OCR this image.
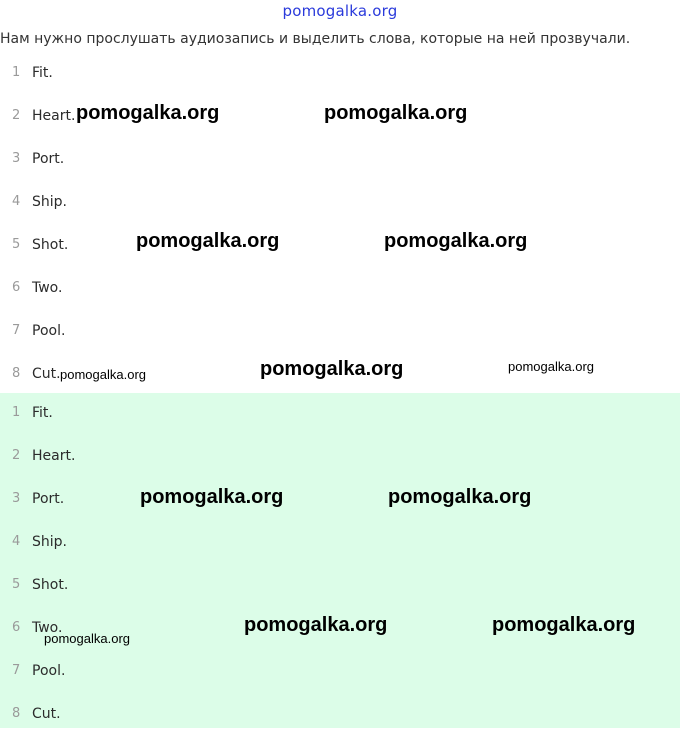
pomogalka.org
Нам нужно прослушать аудиозапись и выделить слова, которые на ней прозвучали.
1 Fit.
2 Heart.
3 Port.
4 Ship.
5 Shot.
6 Two.
7 Pool.
8 Cut.
1 Fit.
2 Heart.
3 Port.
4 Ship.
5 Shot.
6 Two.
7 Pool.
8 Cut.
pomogalka.org	pomogalka.org
pomogalka.org	pomogalka.org
pomogalka.org	pomogalka.org	pomogalka.org
pomogalka.org	pomogalka.org
pomogalka.org
pomogalka.org	pomogalka.org
